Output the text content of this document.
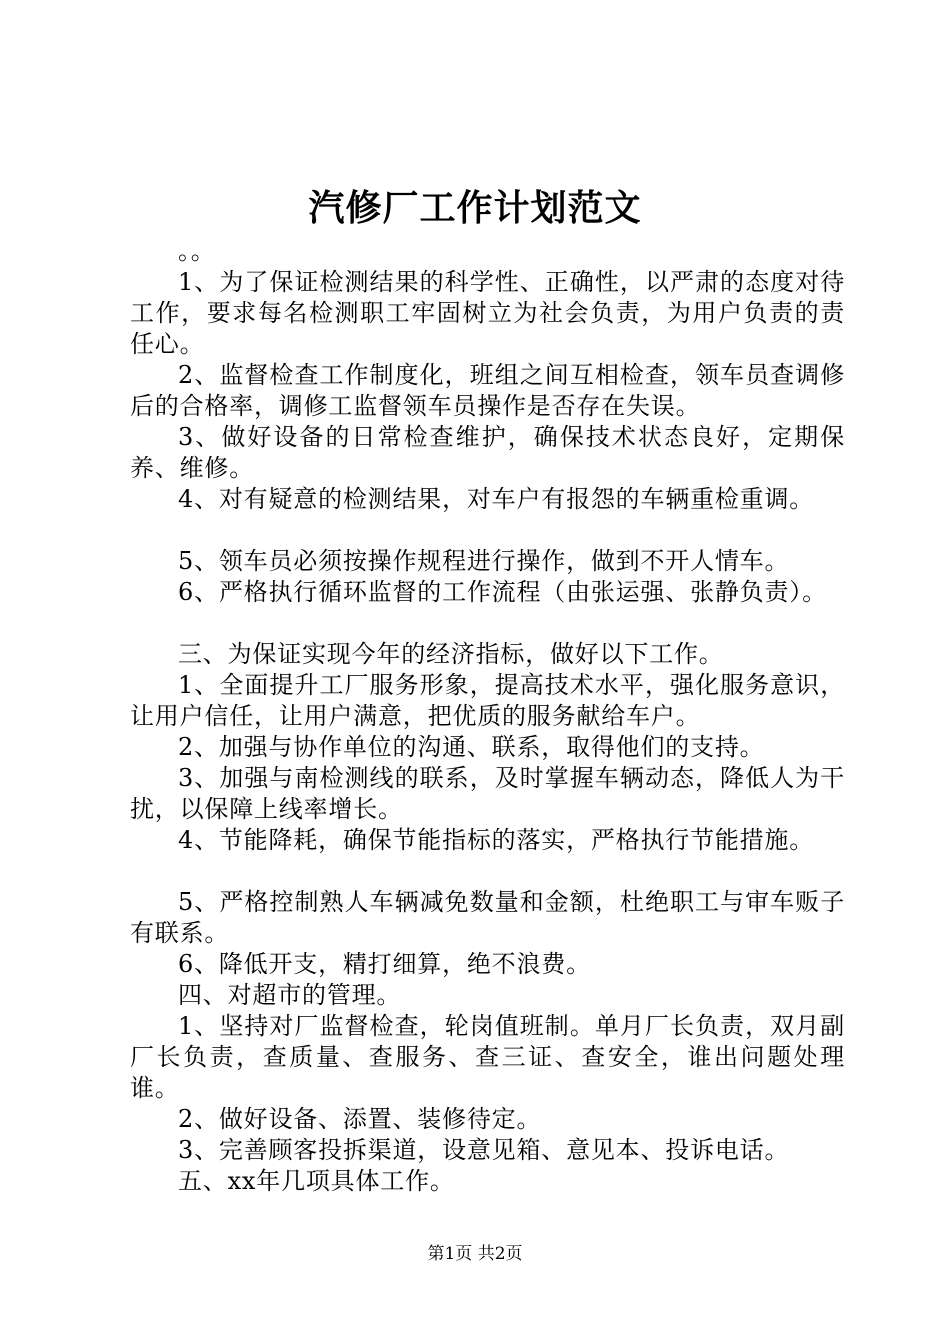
汽修厂工作计划范文

。。

1、为了保证检测结果的科学性、正确性，以严肃的态度对待工作，要求每名检测职工牢固树立为社会负责，为用户负责的责任心。

2、监督检查工作制度化，班组之间互相检查，领车员查调修后的合格率，调修工监督领车员操作是否存在失误。

3、做好设备的日常检查维护，确保技术状态良好，定期保养、维修。

4、对有疑意的检测结果，对车户有报怨的车辆重检重调。

5、领车员必须按操作规程进行操作，做到不开人情车。

6、严格执行循环监督的工作流程（由张运强、张静负责）。

三、为保证实现今年的经济指标，做好以下工作。

1、全面提升工厂服务形象，提高技术水平，强化服务意识，让用户信任，让用户满意，把优质的服务献给车户。

2、加强与协作单位的沟通、联系，取得他们的支持。

3、加强与南检测线的联系，及时掌握车辆动态，降低人为干扰，以保障上线率增长。

4、节能降耗，确保节能指标的落实，严格执行节能措施。

5、严格控制熟人车辆减免数量和金额，杜绝职工与审车贩子有联系。

6、降低开支，精打细算，绝不浪费。

四、对超市的管理。

1、坚持对厂监督检查，轮岗值班制。单月厂长负责，双月副厂长负责，查质量、查服务、查三证、查安全，谁出问题处理谁。

2、做好设备、添置、装修待定。

3、完善顾客投拆渠道，设意见箱、意见本、投诉电话。

五、xx年几项具体工作。

第1页 共2页
